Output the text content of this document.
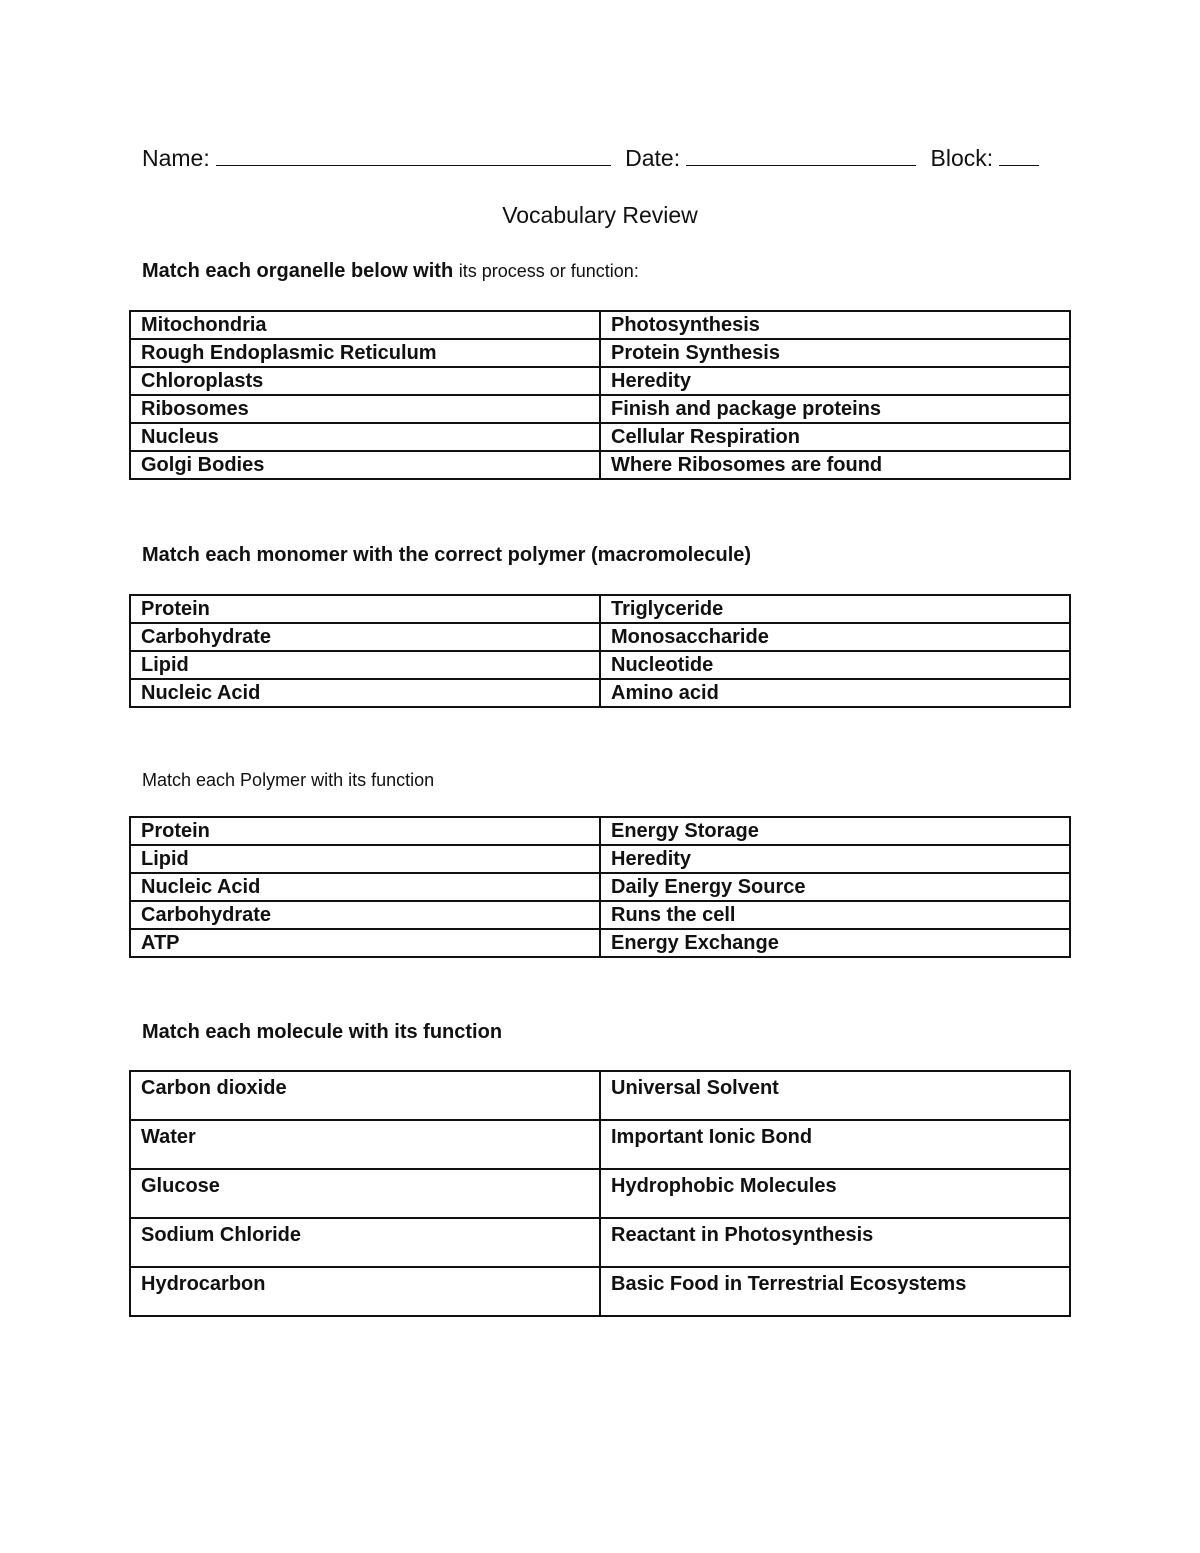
Name:	Date:	Block:
Vocabulary Review
Match each organelle below with its process or function:
Mitochondria	Photosynthesis
Rough Endoplasmic Reticulum	Protein Synthesis
Chloroplasts	Heredity
Ribosomes	Finish and package proteins
Nucleus	Cellular Respiration
Golgi Bodies	Where Ribosomes are found
Match each monomer with the correct polymer (macromolecule)
Protein	Triglyceride
Carbohydrate	Monosaccharide
Lipid	Nucleotide
Nucleic Acid	Amino acid
Match each Polymer with its function
Protein	Energy Storage
Lipid	Heredity
Nucleic Acid	Daily Energy Source
Carbohydrate	Runs the cell
ATP	Energy Exchange
Match each molecule with its function
Carbon dioxide	Universal Solvent
Water	Important Ionic Bond
Glucose	Hydrophobic Molecules
Sodium Chloride	Reactant in Photosynthesis
Hydrocarbon	Basic Food in Terrestrial Ecosystems
